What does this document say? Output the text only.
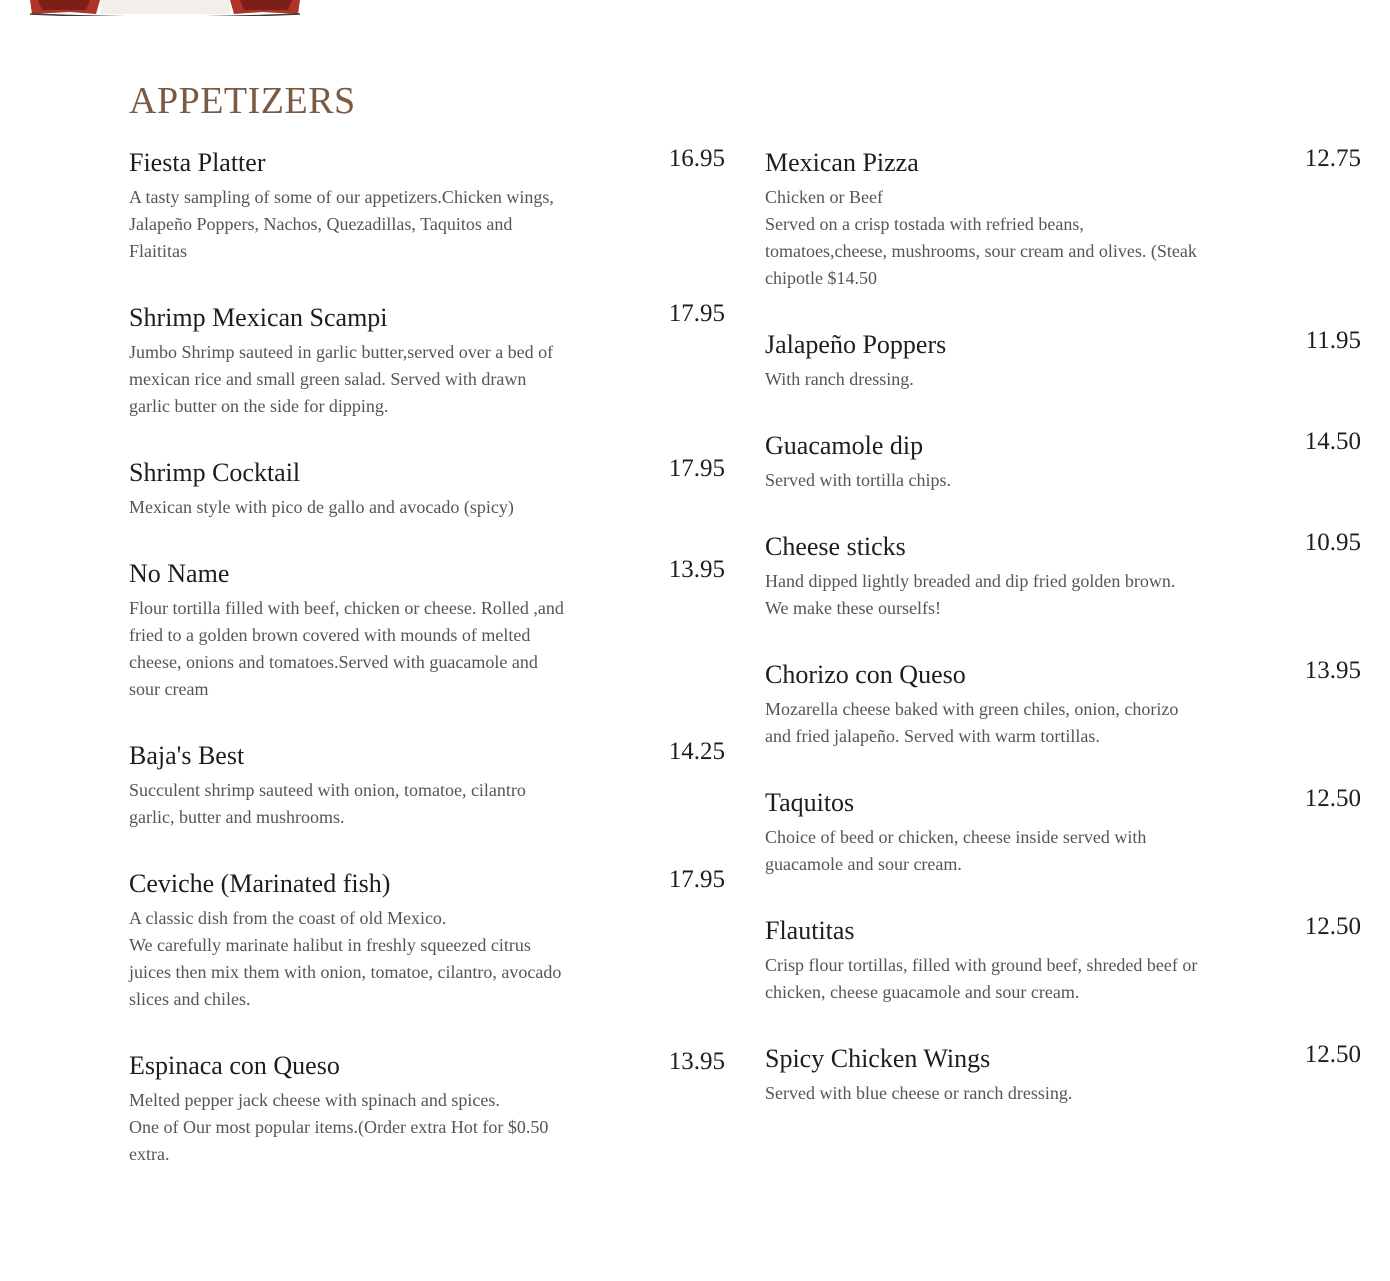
APPETIZERS
Fiesta Platter	16.95

A tasty sampling of some of our appetizers.Chicken wings, Jalapeño Poppers, Nachos, Quezadillas, Taquitos and Flaititas

Shrimp Mexican Scampi	17.95

Jumbo Shrimp sauteed in garlic butter,served over a bed of mexican rice and small green salad. Served with drawn garlic butter on the side for dipping.

Shrimp Cocktail	17.95

Mexican style with pico de gallo and avocado (spicy)

No Name	13.95

Flour tortilla filled with beef, chicken or cheese. Rolled ,and fried to a golden brown covered with mounds of melted cheese, onions and tomatoes.Served with guacamole and sour cream

Baja's Best	14.25

Succulent shrimp sauteed with onion, tomatoe, cilantro garlic, butter and mushrooms.

Ceviche (Marinated fish)	17.95

A classic dish from the coast of old Mexico.
We carefully marinate halibut in freshly squeezed citrus juices then mix them with onion, tomatoe, cilantro, avocado slices and chiles.

Espinaca con Queso	13.95

Melted pepper jack cheese with spinach and spices.
One of Our most popular items.(Order extra Hot for $0.50 extra.

Mexican Pizza	12.75

Chicken or Beef
Served on a crisp tostada with refried beans, tomatoes,cheese, mushrooms, sour cream and olives. (Steak chipotle $14.50

Jalapeño Poppers	11.95

With ranch dressing.

Guacamole dip	14.50

Served with tortilla chips.

Cheese sticks	10.95

Hand dipped lightly breaded and dip fried golden brown. We make these ourselfs!

Chorizo con Queso	13.95

Mozarella cheese baked with green chiles, onion, chorizo and fried jalapeño. Served with warm tortillas.

Taquitos	12.50

Choice of beed or chicken, cheese inside served with guacamole and sour cream.

Flautitas	12.50

Crisp flour tortillas, filled with ground beef, shreded beef or chicken, cheese guacamole and sour cream.

Spicy Chicken Wings	12.50

Served with blue cheese or ranch dressing.
